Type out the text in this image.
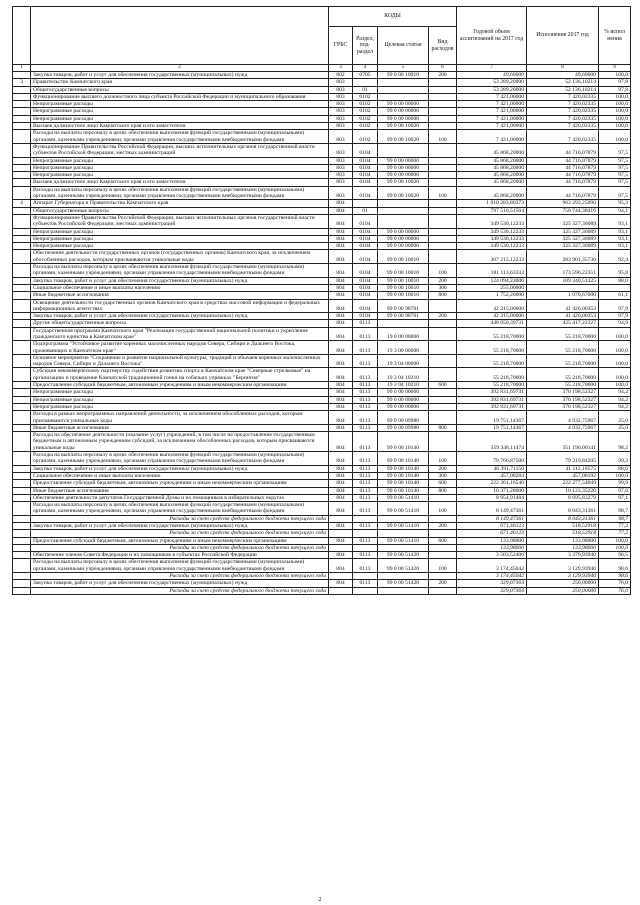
		КОДЫ				Годовой объем ассигнований на 2017 год	Исполнение 2017 год	% испол нения
		ГРБС	Раздел, под-раздел	Целевая статья	Вид расходов			
1	2	3	4	5	6	7	8	9
	Закупка товаров, работ и услуг для обеспечения государственных (муниципальных) нужд	802	0705	99 0 00 10010	200	49,60000	49,60000	100,0
3	Правительство Камчатского края	803				53 289,20000	52 136,10214	97,8
	Общегосударственные вопросы	803	01			53 289,20000	52 136,10214	97,8
	Функционирование высшего должностного лица субъекта Российской Федерации и муниципального образования	803	0102			7 421,00000	7 420,02335	100,0
	Непрограммные расходы	803	0102	99 0 00 00000		7 421,00000	7 420,02335	100,0
	Непрограммные расходы	803	0102	99 0 00 00000		7 421,00000	7 420,02335	100,0
	Непрограммные расходы	803	0102	99 0 00 00000		7 421,00000	7 420,02335	100,0
	Высшее должностное лицо Камчатского края и его заместители	803	0102	99 0 00 10020		7 421,00000	7 420,02335	100,0
	Расходы на выплаты персоналу в целях обеспечения выполнения функций государственными (муниципальными) органами, казенными учреждениями, органами управления государственными внебюджетными фондами	803	0102	99 0 00 10020	100	7 421,00000	7 420,02335	100,0
	Функционирование Правительства Российской Федерации, высших исполнительных органов государственной власти субъектов Российской Федерации, местных администраций	803	0104			45 868,20000	44 716,07879	97,5
	Непрограммные расходы	803	0104	99 0 00 00000		45 868,20000	44 716,07879	97,5
	Непрограммные расходы	803	0104	99 0 00 00000		45 868,20000	44 716,07879	97,5
	Непрограммные расходы	803	0104	99 0 00 00000		45 868,20000	44 716,07879	97,5
	Высшее должностное лицо Камчатского края и его заместители	803	0104	99 0 00 10020		45 868,20000	44 716,07879	97,5
	Расходы на выплаты персоналу в целях обеспечения выполнения функций государственными (муниципальными) органами, казенными учреждениями, органами управления государственными внебюджетными фондами	803	0104	99 0 00 10020	100	45 868,20000	44 716,07879	97,5
4	Аппарат Губернатора и Правительства Камчатского края	804				1 010 283,80373	963 293,25090	95,3
	Общегосударственные вопросы	804	01			797 510,51564	750 744,38416	94,1
	Функционирование Правительства Российской Федерации, высших исполнительных органов государственной власти субъектов Российской Федерации, местных администраций	804	0104			349 530,12233	325 327,36089	93,1
	Непрограммные расходы	804	0104	99 0 00 00000		349 530,12233	325 327,36089	93,1
	Непрограммные расходы	804	0104	99 0 00 00000		349 530,12233	325 327,36089	93,1
	Непрограммные расходы	804	0104	99 0 00 00000		349 530,12233	325 327,36089	93,1
	Обеспечение деятельности государственных органов (государственных органов) Камчатского края, за исключением обособленных расходов, которым присваиваются уникальные коды	804	0104	99 0 00 10010		307 215,12233	283 901,35736	92,4
	Расходы на выплаты персоналу в целях обеспечения выполнения функций государственными (муниципальными) органами, казенными учреждениями, органами управления государственными внебюджетными фондами	804	0104	99 0 00 10010	100	181 113,63333	173 590,22351	95,8
	Закупка товаров, работ и услуг для обеспечения государственных (муниципальных) нужд	804	0104	99 0 00 10010	200	124 094,23000	109 340,51425	88,0
	Социальное обеспечение и иные выплаты населению	804	0104	99 0 00 10010	300	255,00000		
	Иные бюджетные ассигнования	804	0104	99 0 00 10010	800	1 752,26000	1 070,67000	61,1
	Освещение деятельности государственных органов Камчатского края в средствах массовой информации и федеральных информационных агентствах	804	0104	99 0 00 98701		42 315,00000	41 426,00353	97,9
	Закупка товаров, работ и услуг для обеспечения государственных (муниципальных) нужд	804	0104	99 0 00 98701	200	42 315,00000	41 426,00353	97,9
	Другие общегосударственные вопросы	804	0113			448 050,39731	425 417,22327	94,9
	Государственная программа Камчатского края "Реализация государственной национальной политики и укрепление гражданского единства в Камчатском крае"	804	0113	19 0 00 00000		55 218,70000	55 218,70000	100,0
	Подпрограмма "Устойчивое развитие коренных малочисленных народов Севера, Сибири и Дальнего Востока, проживающих в Камчатском крае"	804	0113	19 3 00 00000		55 218,70000	55 218,70000	100,0
	Основное мероприятие "Сохранение и развитие национальной культуры, традиций и обычаев коренных малочисленных народов Севера, Сибири и Дальнего Востока"	804	0113	19 3 04 00000		55 218,70000	55 218,70000	100,0
	Субсидия некоммерческому партнерству содействия развитию спорта в Камчатском крае "Северные стрелковые" на организацию и проведение Камчатской традиционной гонки на собачьих упряжках "Берингия"	804	0113	19 3 04 10210		55 218,70000	55 218,70000	100,0
	Предоставление субсидий бюджетным, автономным учреждениям и иным некоммерческим организациям	804	0113	19 3 04 10210	600	55 218,70000	55 218,70000	100,0
	Непрограммные расходы	804	0113	99 0 00 00000		392 831,69731	370 198,52327	94,2
	Непрограммные расходы	804	0113	99 0 00 00000		392 831,69731	370 198,52327	94,2
	Непрограммные расходы	804	0113	99 0 00 00000		392 831,69731	370 198,52327	94,2
	Расходы в рамках непрограммных направлений деятельности, за исключением обособленных расходов, которым присваиваются уникальные коды	804	0113	99 0 00 09980		19 751,14367	4 932,75967	25,0
	Иные бюджетные ассигнования	804	0113	99 0 00 09980	800	19 751,14367	4 932,75967	25,0
	Расходы на обеспечение деятельности (оказание услуг) учреждений, в том числе на предоставление государственным бюджетным и автономным учреждениям субсидий, за исключением обособленных расходов, которым присваиваются уникальные коды	804	0113	99 0 00 10140		359 348,11474	351 190,00141	98,2
	Расходы на выплаты персоналу в целях обеспечения выполнения функций государственными (муниципальными) органами, казенными учреждениями, органами управления государственными внебюджетными фондами	804	0113	99 0 00 10140	100	79 766,87500	79 219,84205	99,3
	Закупка товаров, работ и услуг для обеспечения государственных (муниципальных) нужд	804	0113	99 0 00 10140	200	46 391,71150	41 112,18575	88,6
	Социальное обеспечение и иные выплаты населению	804	0113	99 0 00 10140	300	457,08284	457,08192	100,0
	Предоставление субсидий бюджетным, автономным учреждениям и иным некоммерческим организациям	804	0113	99 0 00 10140	600	222 361,16540	222 277,54049	99,9
	Иные бюджетные ассигнования	804	0113	99 0 00 10140	800	10 371,28000	10 123,35220	97,6
	Обеспечение деятельности депутатов Государственной Думы и их помощников в избирательных округах	804	0113	99 0 00 51410		8 954,91484	8 695,83279	97,1
	Расходы на выплаты персоналу в целях обеспечения выполнения функций государственными (муниципальными) органами, казенными учреждениями, органами управления государственными внебюджетными фондами	804	0113	99 0 00 51410	100	8 149,47361	8 043,31361	98,7
	Расходы за счет средств федерального бюджета текущего года					8 149,47361	8 043,31361	98,7
	Закупка товаров, работ и услуг для обеспечения государственных (муниципальных) нужд	804	0113	99 0 00 51410	200	671,46123	518,52918	77,2
	Расходы за счет средств федерального бюджета текущего года					671,46123	518,52918	77,2
	Предоставление субсидий бюджетным, автономным учреждениям и иным некоммерческим организациям	804	0113	99 0 00 51410	600	133,98000	133,98000	100,0
	Расходы за счет средств федерального бюджета текущего года					133,98000	133,98000	100,0
	Обеспечение членов Совета Федерации и их помощников в субъектах Российской Федерации	804	0113	99 0 00 51420		3 503,52406	3 379,93940	96,5
	Расходы на выплаты персоналу в целях обеспечения выполнения функций государственными (муниципальными) органами, казенными учреждениями, органами управления государственными внебюджетными фондами	804	0113	99 0 00 51420	100	3 174,45042	3 129,93940	98,6
	Расходы за счет средств федерального бюджета текущего года					3 174,45042	3 129,93940	98,6
	Закупка товаров, работ и услуг для обеспечения государственных (муниципальных) нужд	804	0113	99 0 00 51420	200	329,07364	250,00000	76,0
	Расходы за счет средств федерального бюджета текущего года					329,07364	250,00000	76,0
2
